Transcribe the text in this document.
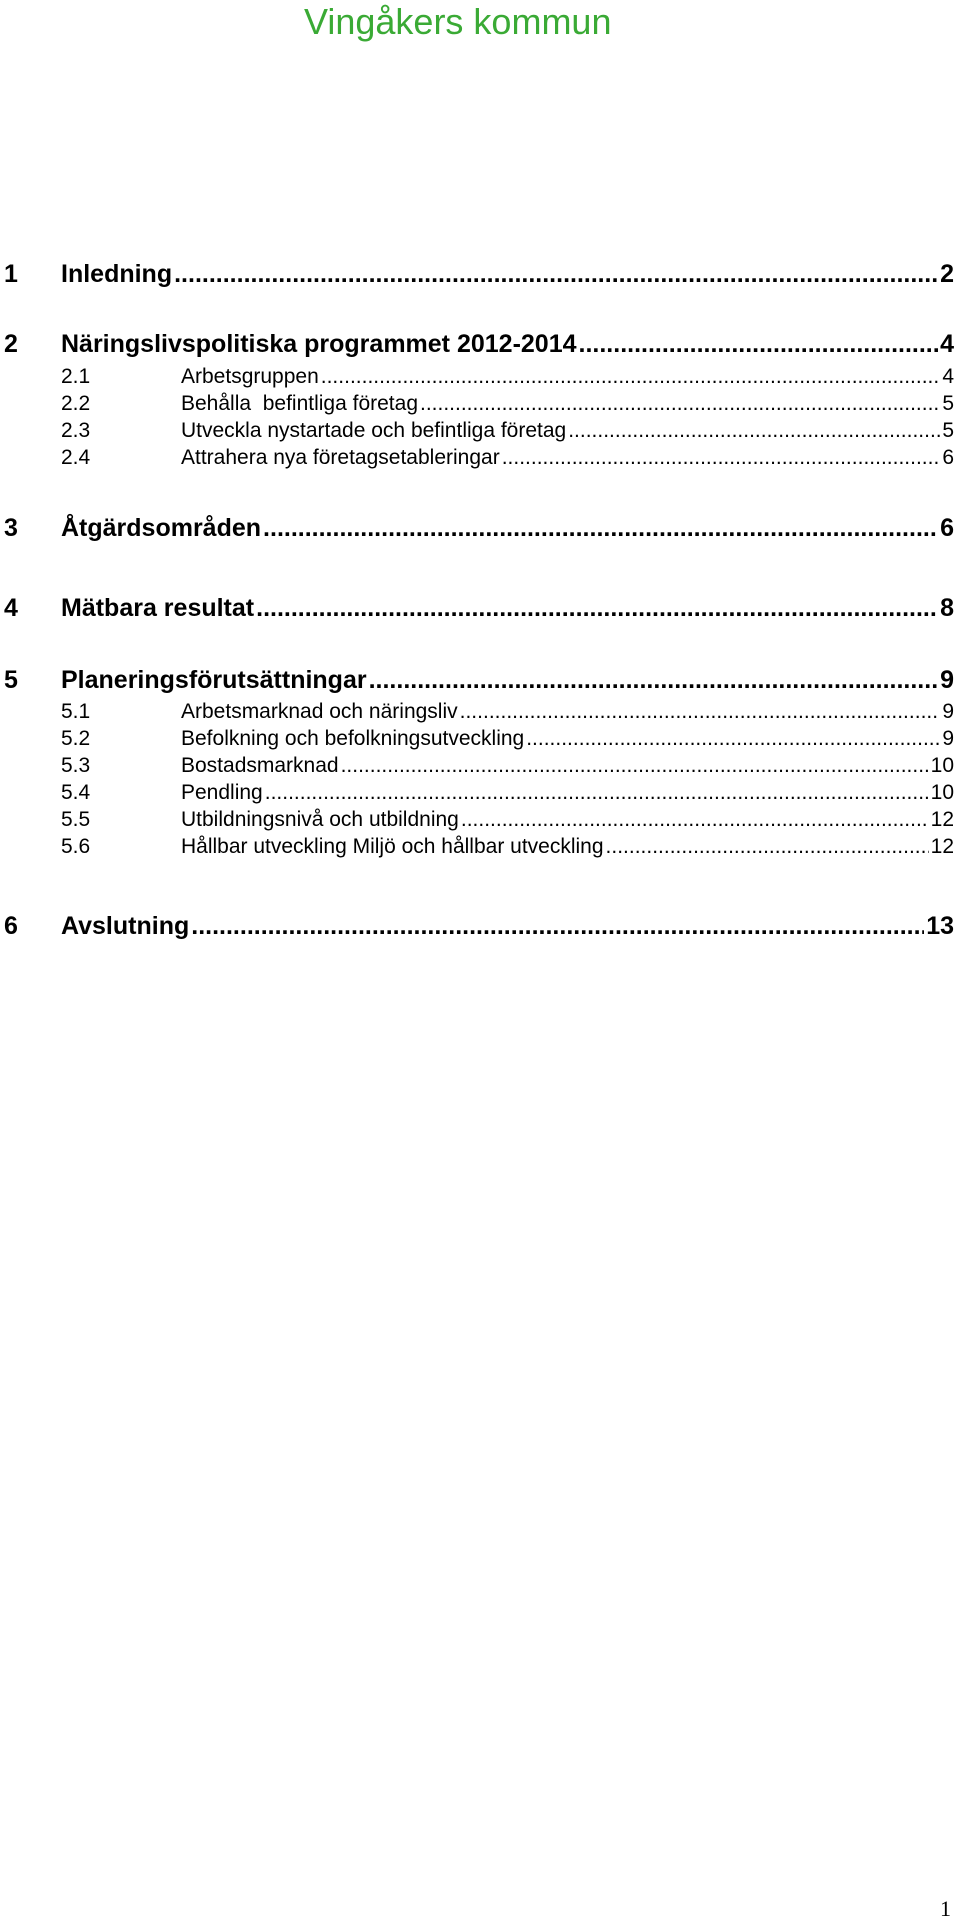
Vingåkers kommun
1	Inledning .....	2
2	Näringslivspolitiska programmet 2012-2014 .....	4
2.1	Arbetsgruppen .....	4
2.2	Behålla  befintliga företag .....	5
2.3	Utveckla nystartade och befintliga företag .....	5
2.4	Attrahera nya företagsetableringar .....	6
3	Åtgärdsområden .....	6
4	Mätbara resultat .....	8
5	Planeringsförutsättningar .....	9
5.1	Arbetsmarknad och näringsliv .....	9
5.2	Befolkning och befolkningsutveckling .....	9
5.3	Bostadsmarknad .....	10
5.4	Pendling .....	10
5.5	Utbildningsnivå och utbildning .....	12
5.6	Hållbar utveckling Miljö och hållbar utveckling .....	12
6	Avslutning .....	13
1
